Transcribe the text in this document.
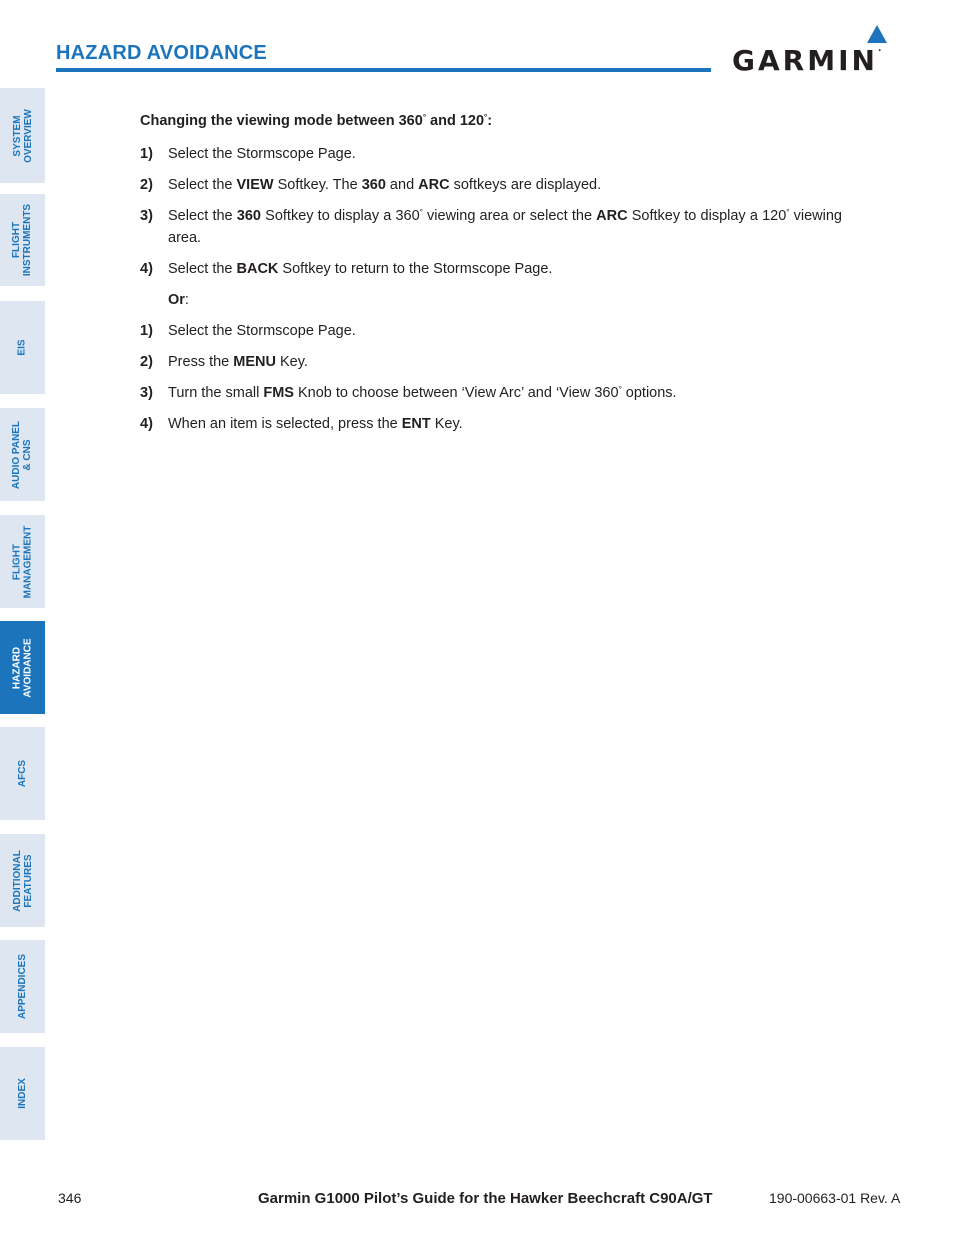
HAZARD AVOIDANCE	GARMIN.
SYSTEM
OVERVIEW
FLIGHT
INSTRUMENTS
EIS
AUDIO PANEL
& CNS
FLIGHT
MANAGEMENT
HAZARD
AVOIDANCE
AFCS
ADDITIONAL
FEATURES
APPENDICES
INDEX
Changing the viewing mode between 360° and 120°:
1) Select the Stormscope Page.
2) Select the VIEW Softkey. The 360 and ARC softkeys are displayed.
3) Select the 360 Softkey to display a 360° viewing area or select the ARC Softkey to display a 120° viewing area.
4) Select the BACK Softkey to return to the Stormscope Page.
Or:
1) Select the Stormscope Page.
2) Press the MENU Key.
3) Turn the small FMS Knob to choose between ‘View Arc’ and ‘View 360° options.
4) When an item is selected, press the ENT Key.
346	Garmin G1000 Pilot’s Guide for the Hawker Beechcraft C90A/GT	190-00663-01 Rev. A
